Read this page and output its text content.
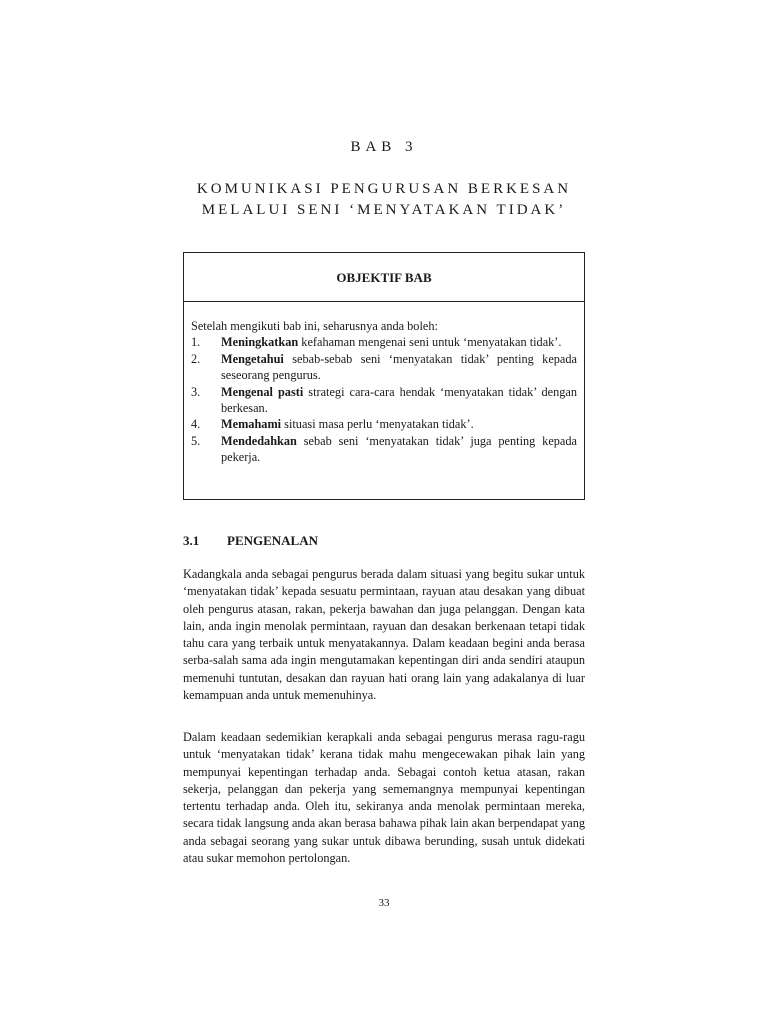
BAB 3
KOMUNIKASI PENGURUSAN BERKESAN
MELALUI SENI ‘MENYATAKAN TIDAK’
OBJEKTIF BAB
Setelah mengikuti bab ini, seharusnya anda boleh:
1.	Meningkatkan kefahaman mengenai seni untuk ‘menyatakan tidak’.
2.	Mengetahui sebab-sebab seni ‘menyatakan tidak’ penting kepada seseorang pengurus.
3.	Mengenal pasti strategi cara-cara hendak ‘menyatakan tidak’ dengan berkesan.
4.	Memahami situasi masa perlu ‘menyatakan tidak’.
5.	Mendedahkan sebab seni ‘menyatakan tidak’ juga penting kepada pekerja.
3.1 PENGENALAN

Kadangkala anda sebagai pengurus berada dalam situasi yang begitu sukar untuk ‘menyatakan tidak’ kepada sesuatu permintaan, rayuan atau desakan yang dibuat oleh pengurus atasan, rakan, pekerja bawahan dan juga pelanggan. Dengan kata lain, anda ingin menolak permintaan, rayuan dan desakan berkenaan tetapi tidak tahu cara yang terbaik untuk menyatakannya. Dalam keadaan begini anda berasa serba-salah sama ada ingin mengutamakan kepentingan diri anda sendiri ataupun memenuhi tuntutan, desakan dan rayuan hati orang lain yang adakalanya di luar kemampuan anda untuk memenuhinya.

Dalam keadaan sedemikian kerapkali anda sebagai pengurus merasa ragu-ragu untuk ‘menyatakan tidak’ kerana tidak mahu mengecewakan pihak lain yang mempunyai kepentingan terhadap anda. Sebagai contoh ketua atasan, rakan sekerja, pelanggan dan pekerja yang sememangnya mempunyai kepentingan tertentu terhadap anda. Oleh itu, sekiranya anda menolak permintaan mereka, secara tidak langsung anda akan berasa bahawa pihak lain akan berpendapat yang anda sebagai seorang yang sukar untuk dibawa berunding, susah untuk didekati atau sukar memohon pertolongan.

33
